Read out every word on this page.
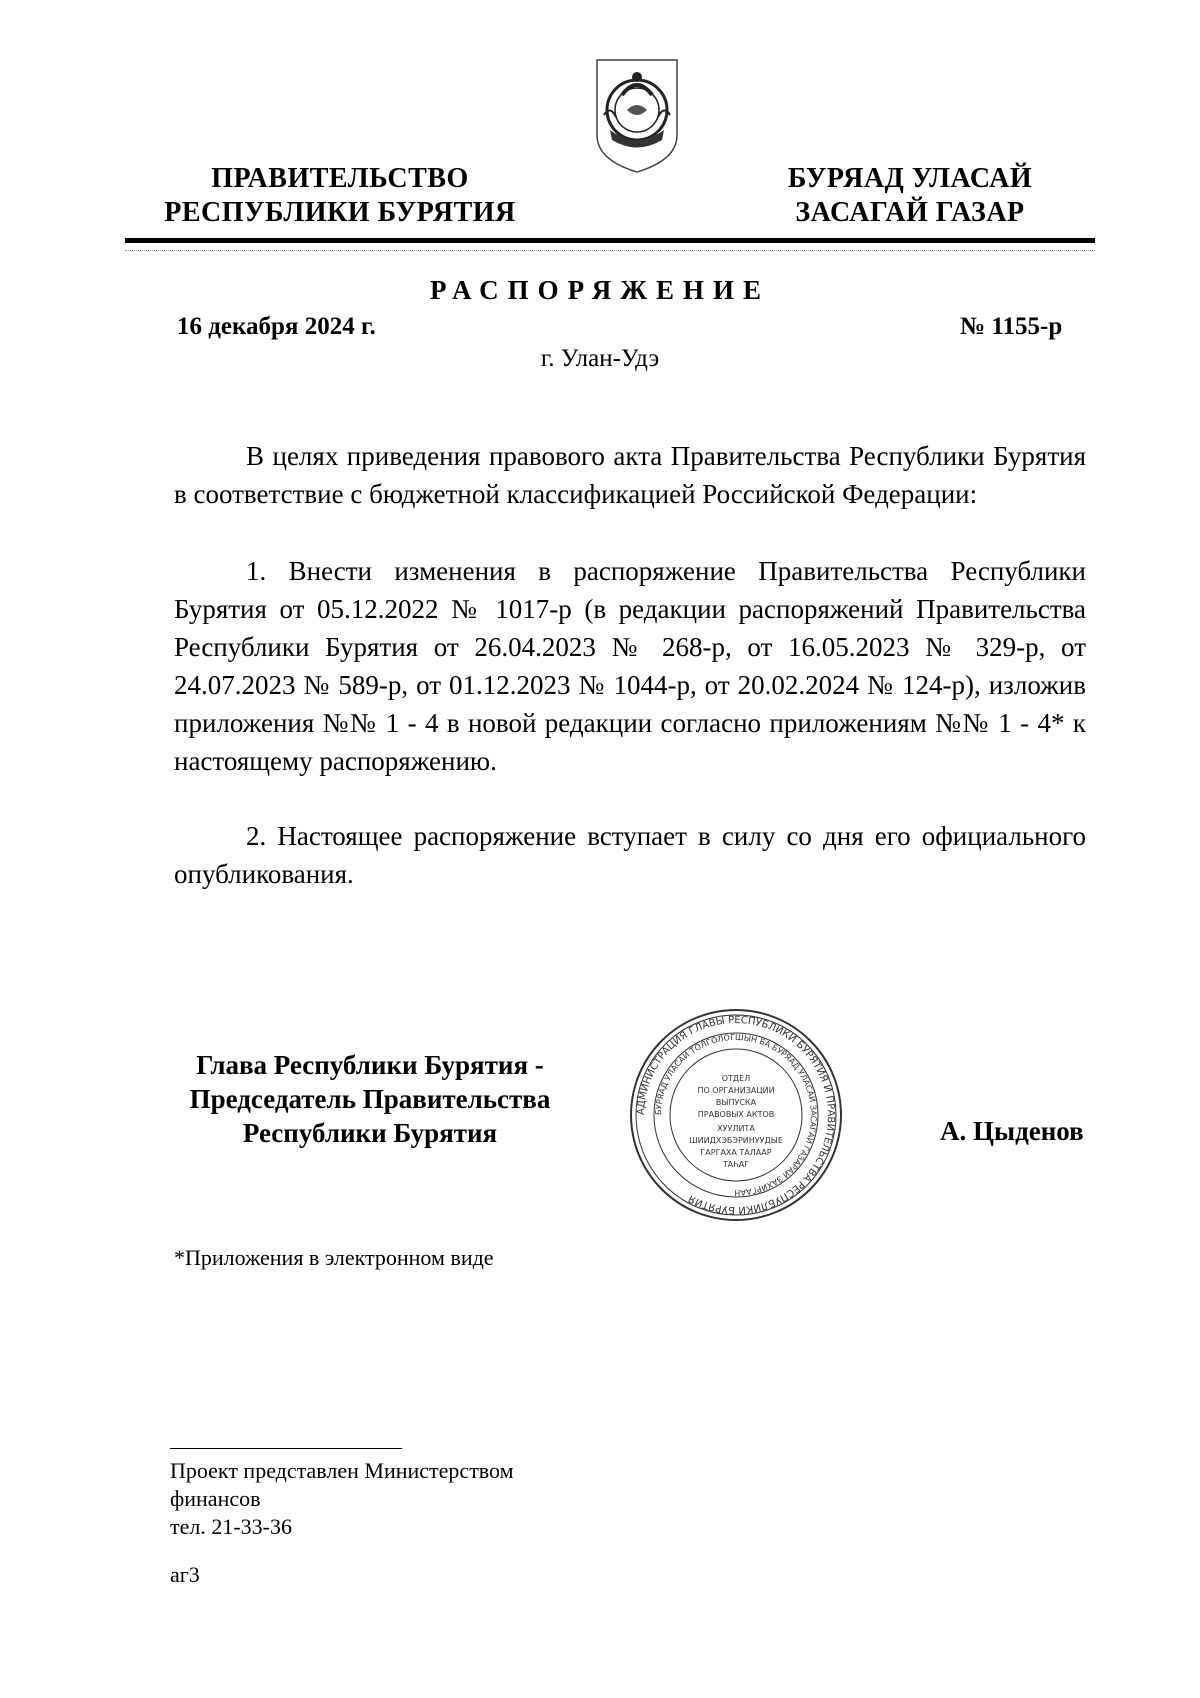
ПРАВИТЕЛЬСТВО
РЕСПУБЛИКИ БУРЯТИЯ
БУРЯАД УЛАСАЙ
ЗАСАГАЙ ГАЗАР
РАСПОРЯЖЕНИЕ
16 декабря 2024 г.	№ 1155-р
г. Улан-Удэ

В целях приведения правового акта Правительства Республики Бурятия в соответствие с бюджетной классификацией Российской Федерации:

1. Внести изменения в распоряжение Правительства Республики Бурятия от 05.12.2022 № 1017-р (в редакции распоряжений Правительства Республики Бурятия от 26.04.2023 № 268-р, от 16.05.2023 № 329-р, от 24.07.2023 № 589-р, от 01.12.2023 № 1044-р, от 20.02.2024 № 124-р), изложив приложения №№ 1 - 4 в новой редакции согласно приложениям №№ 1 - 4* к настоящему распоряжению.

2. Настоящее распоряжение вступает в силу со дня его официального опубликования.

Глава Республики Бурятия -
Председатель Правительства
Республики Бурятия
АДМИНИСТРАЦИЯ ГЛАВЫ РЕСПУБЛИКИ БУРЯТИЯ И ПРАВИТЕЛЬСТВА РЕСПУБЛИКИ БУРЯТИЯ
БУРЯАД УЛАСАЙ ТОЛГОЛОГШЫН БА БУРЯАД УЛАСАЙ ЗАСАГАЙ ГАЗАРАЙ ЗАХИРГААН
ОТДЕЛ
ПО ОРГАНИЗАЦИИ
ВЫПУСКА
ПРАВОВЫХ АКТОВ
ХУУЛИТА
ШИИДХЭБЭРИНУУДЫЕ
ГАРГАХА ТАЛААР
ТАҺАГ
А. Цыденов
*Приложения в электронном виде
Проект представлен Министерством
финансов
тел. 21-33-36
аг3
